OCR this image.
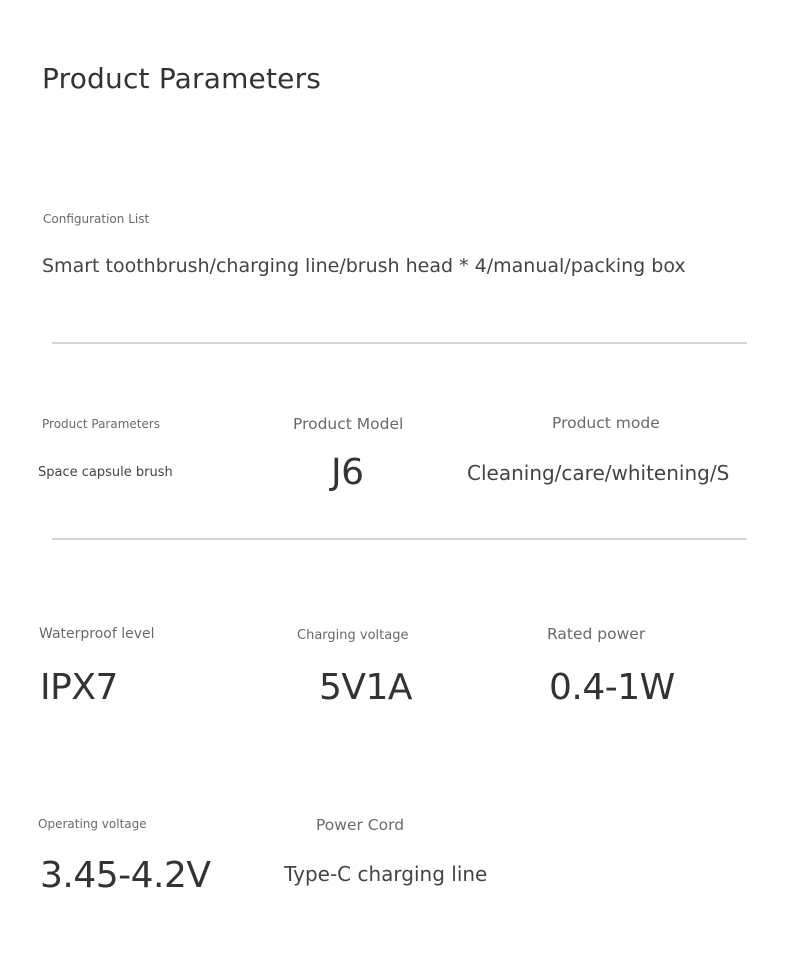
Product Parameters
Configuration List
Smart toothbrush/charging line/brush head * 4/manual/packing box
Product Parameters
Space capsule brush
Product Model
J6
Product mode
Cleaning/care/whitening/S
Waterproof level
IPX7
Charging voltage
5V1A
Rated power
0.4-1W
Operating voltage
3.45-4.2V
Power Cord
Type-C charging line
